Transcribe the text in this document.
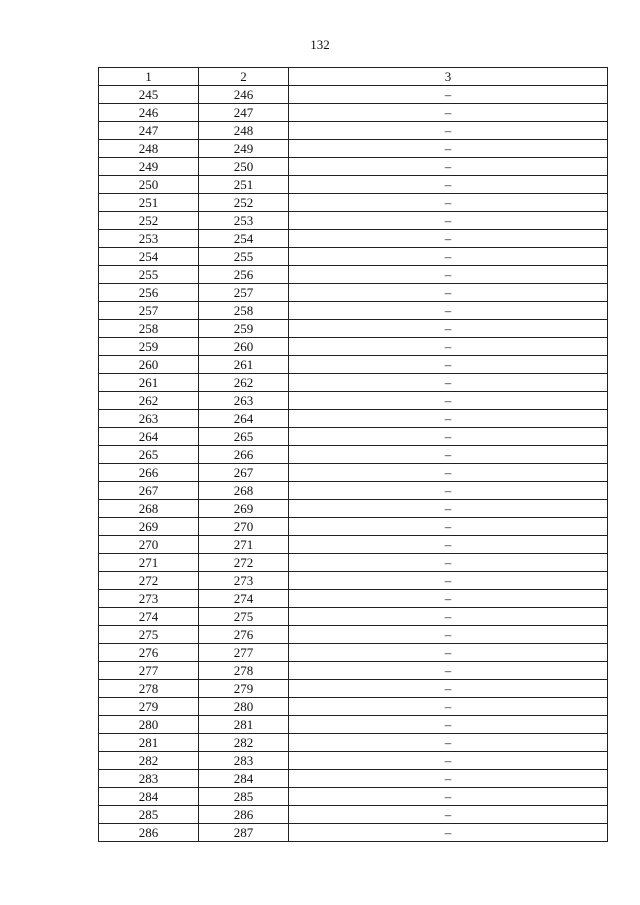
132
1	2	3
245	246	–
246	247	–
247	248	–
248	249	–
249	250	–
250	251	–
251	252	–
252	253	–
253	254	–
254	255	–
255	256	–
256	257	–
257	258	–
258	259	–
259	260	–
260	261	–
261	262	–
262	263	–
263	264	–
264	265	–
265	266	–
266	267	–
267	268	–
268	269	–
269	270	–
270	271	–
271	272	–
272	273	–
273	274	–
274	275	–
275	276	–
276	277	–
277	278	–
278	279	–
279	280	–
280	281	–
281	282	–
282	283	–
283	284	–
284	285	–
285	286	–
286	287	–
